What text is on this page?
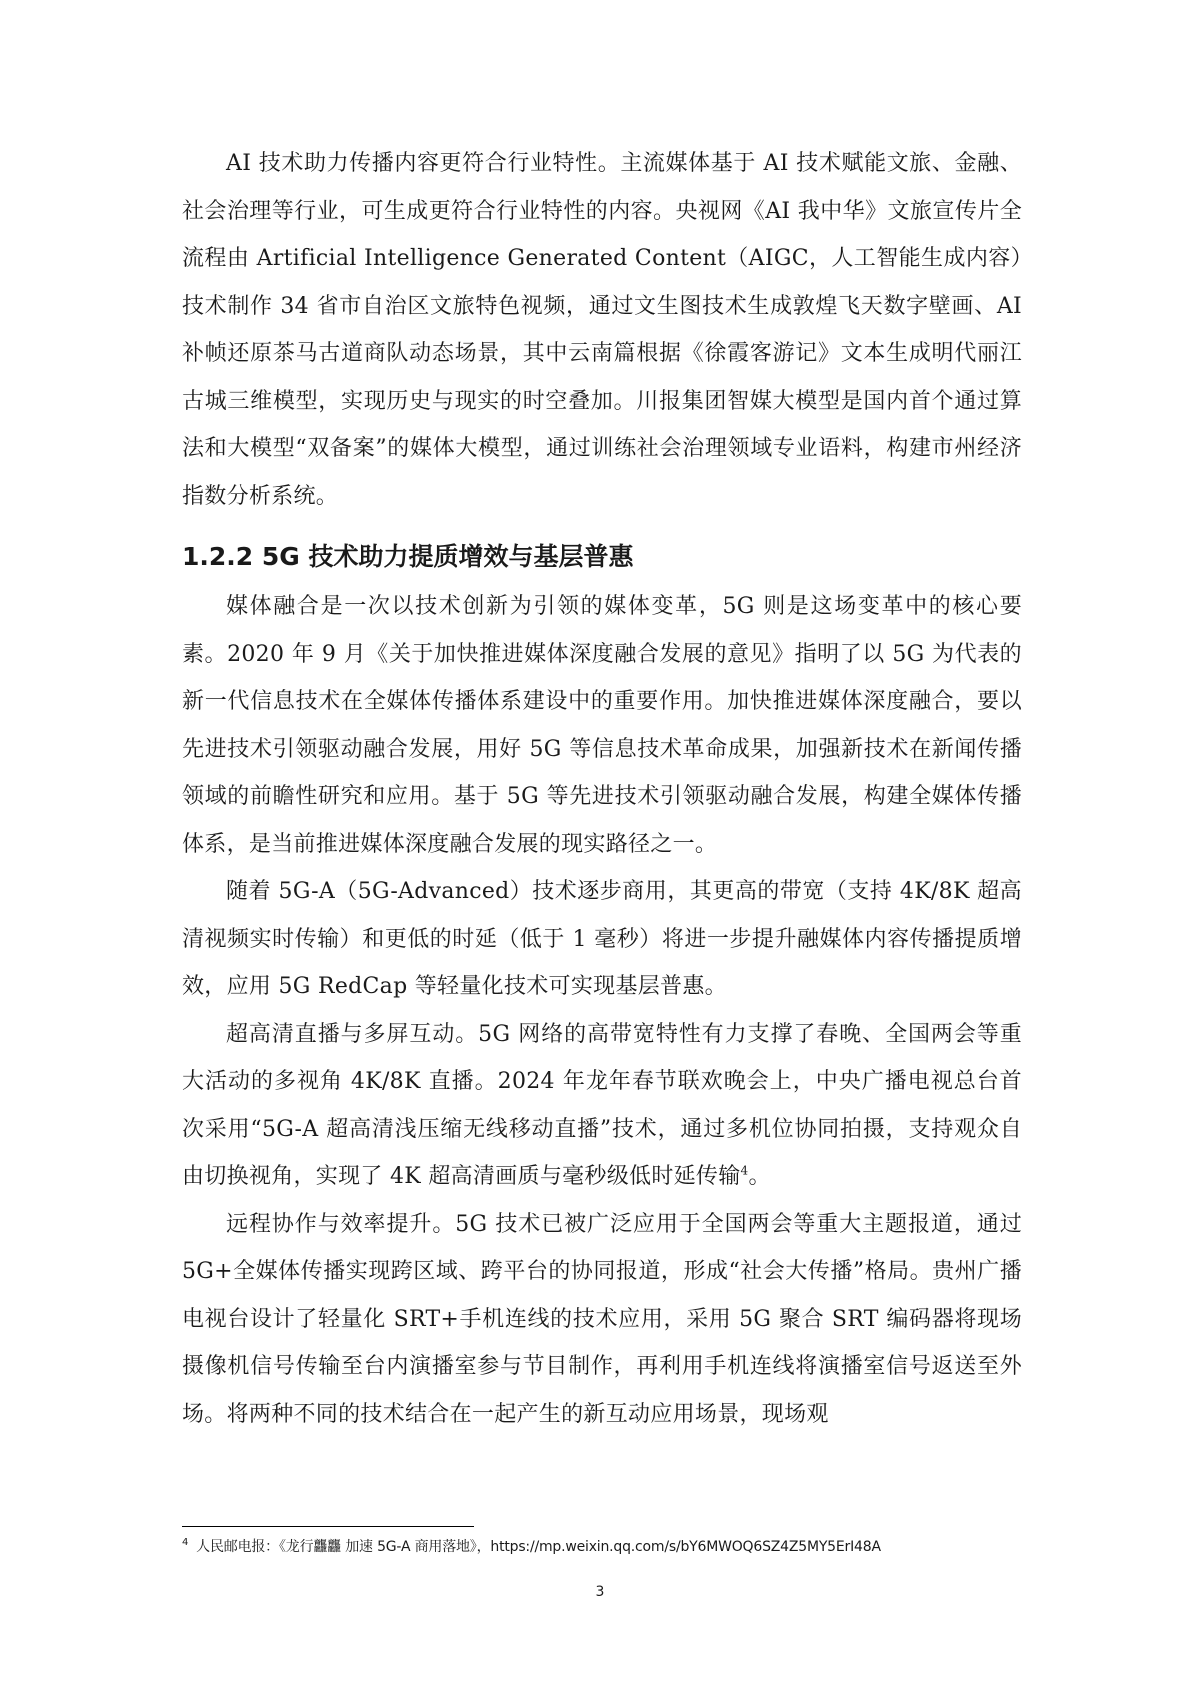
AI 技术助力传播内容更符合行业特性。主流媒体基于 AI 技术赋能文旅、金融、社会治理等行业，可生成更符合行业特性的内容。央视网《AI 我中华》文旅宣传片全流程由 Artificial Intelligence Generated Content（AIGC，人工智能生成内容）技术制作 34 省市自治区文旅特色视频，通过文生图技术生成敦煌飞天数字壁画、AI 补帧还原茶马古道商队动态场景，其中云南篇根据《徐霞客游记》文本生成明代丽江古城三维模型，实现历史与现实的时空叠加。川报集团智媒大模型是国内首个通过算法和大模型“双备案”的媒体大模型，通过训练社会治理领域专业语料，构建市州经济指数分析系统。

1.2.2 5G 技术助力提质增效与基层普惠

媒体融合是一次以技术创新为引领的媒体变革，5G 则是这场变革中的核心要素。2020 年 9 月《关于加快推进媒体深度融合发展的意见》指明了以 5G 为代表的新一代信息技术在全媒体传播体系建设中的重要作用。加快推进媒体深度融合，要以先进技术引领驱动融合发展，用好 5G 等信息技术革命成果，加强新技术在新闻传播领域的前瞻性研究和应用。基于 5G 等先进技术引领驱动融合发展，构建全媒体传播体系，是当前推进媒体深度融合发展的现实路径之一。

随着 5G-A（5G-Advanced）技术逐步商用，其更高的带宽（支持 4K/8K 超高清视频实时传输）和更低的时延（低于 1 毫秒）将进一步提升融媒体内容传播提质增效，应用 5G RedCap 等轻量化技术可实现基层普惠。

超高清直播与多屏互动。5G 网络的高带宽特性有力支撑了春晚、全国两会等重大活动的多视角 4K/8K 直播。2024 年龙年春节联欢晚会上，中央广播电视总台首次采用“5G-A 超高清浅压缩无线移动直播”技术，通过多机位协同拍摄，支持观众自由切换视角，实现了 4K 超高清画质与毫秒级低时延传输$^4$。

远程协作与效率提升。5G 技术已被广泛应用于全国两会等重大主题报道，通过 5G+全媒体传播实现跨区域、跨平台的协同报道，形成“社会大传播”格局。贵州广播电视台设计了轻量化 SRT+手机连线的技术应用，采用 5G 聚合 SRT 编码器将现场摄像机信号传输至台内演播室参与节目制作，再利用手机连线将演播室信号返送至外场。将两种不同的技术结合在一起产生的新互动应用场景，现场观

$^4$ 人民邮电报：《龙行龘龘 加速 5G-A 商用落地》，https://mp.weixin.qq.com/s/bY6MWOQ6SZ4Z5MY5ErI48A
3
